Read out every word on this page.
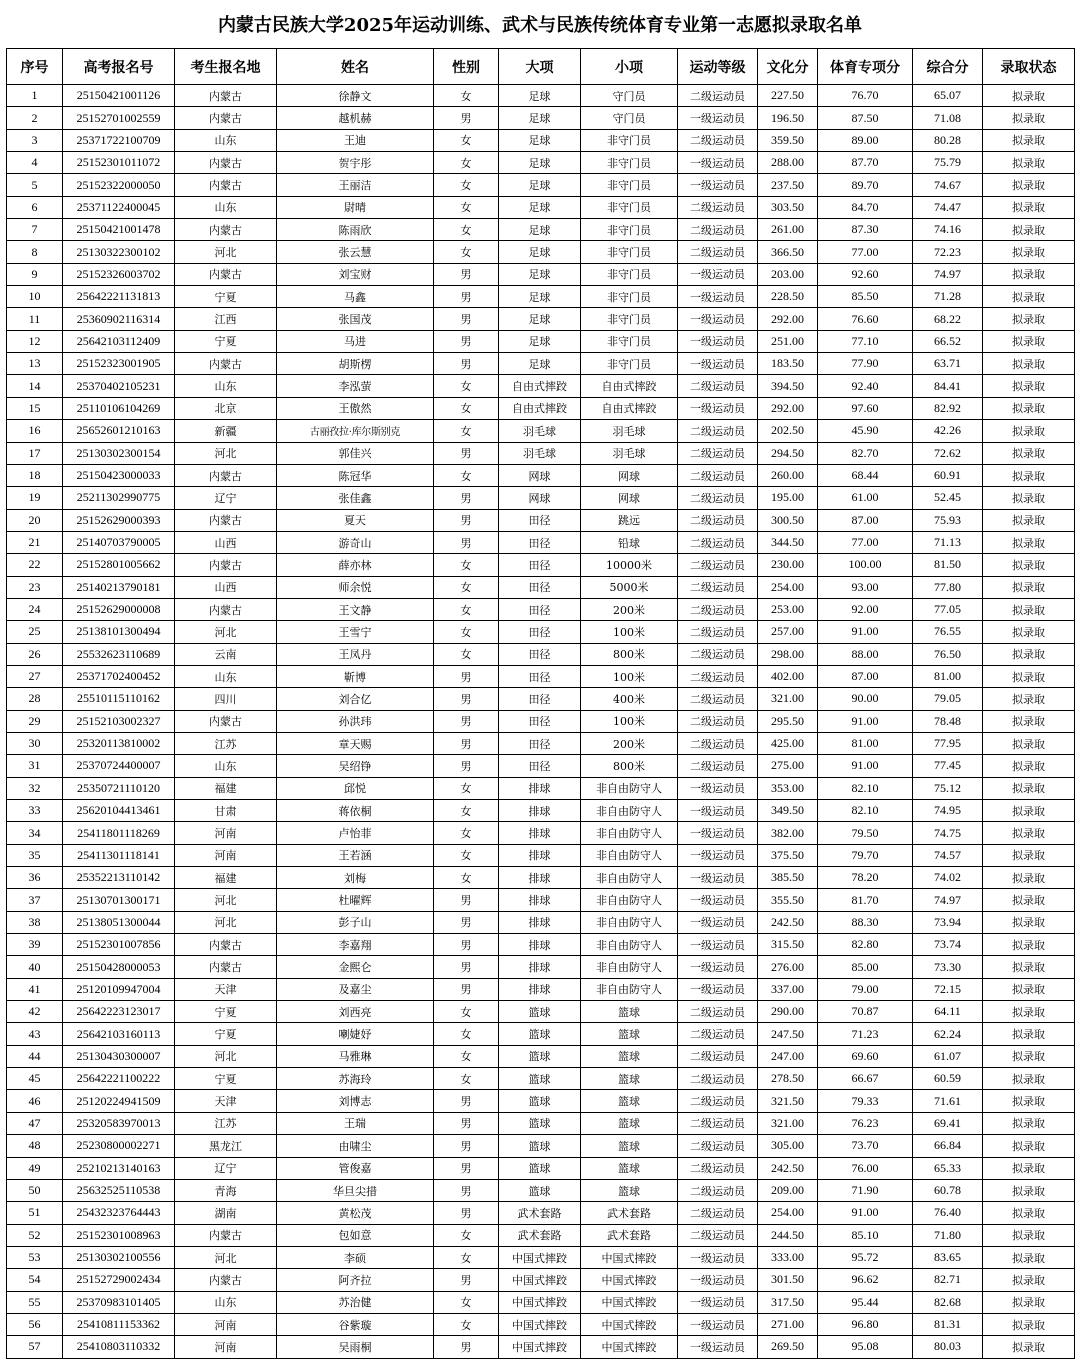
内蒙古民族大学2025年运动训练、武术与民族传统体育专业第一志愿拟录取名单
序号	高考报名号	考生报名地	姓名	性别	大项	小项	运动等级	文化分	体育专项分	综合分	录取状态
1	25150421001126	内蒙古	徐静文	女	足球	守门员	二级运动员	227.50	76.70	65.07	拟录取
2	25152701002559	内蒙古	越机赫	男	足球	守门员	一级运动员	196.50	87.50	71.08	拟录取
3	25371722100709	山东	王迪	女	足球	非守门员	二级运动员	359.50	89.00	80.28	拟录取
4	25152301011072	内蒙古	贺宇彤	女	足球	非守门员	一级运动员	288.00	87.70	75.79	拟录取
5	25152322000050	内蒙古	王丽洁	女	足球	非守门员	一级运动员	237.50	89.70	74.67	拟录取
6	25371122400045	山东	尉晴	女	足球	非守门员	二级运动员	303.50	84.70	74.47	拟录取
7	25150421001478	内蒙古	陈雨欣	女	足球	非守门员	二级运动员	261.00	87.30	74.16	拟录取
8	25130322300102	河北	张云慧	女	足球	非守门员	二级运动员	366.50	77.00	72.23	拟录取
9	25152326003702	内蒙古	刘宝财	男	足球	非守门员	一级运动员	203.00	92.60	74.97	拟录取
10	25642221131813	宁夏	马鑫	男	足球	非守门员	一级运动员	228.50	85.50	71.28	拟录取
11	25360902116314	江西	张国茂	男	足球	非守门员	一级运动员	292.00	76.60	68.22	拟录取
12	25642103112409	宁夏	马进	男	足球	非守门员	一级运动员	251.00	77.10	66.52	拟录取
13	25152323001905	内蒙古	胡斯楞	男	足球	非守门员	一级运动员	183.50	77.90	63.71	拟录取
14	25370402105231	山东	李泓萤	女	自由式摔跤	自由式摔跤	二级运动员	394.50	92.40	84.41	拟录取
15	25110106104269	北京	王傲然	女	自由式摔跤	自由式摔跤	一级运动员	292.00	97.60	82.92	拟录取
16	25652601210163	新疆	古丽孜拉·库尔斯别克	女	羽毛球	羽毛球	二级运动员	202.50	45.90	42.26	拟录取
17	25130302300154	河北	郭佳兴	男	羽毛球	羽毛球	二级运动员	294.50	82.70	72.62	拟录取
18	25150423000033	内蒙古	陈冠华	女	网球	网球	二级运动员	260.00	68.44	60.91	拟录取
19	25211302990775	辽宁	张佳鑫	男	网球	网球	二级运动员	195.00	61.00	52.45	拟录取
20	25152629000393	内蒙古	夏天	男	田径	跳远	二级运动员	300.50	87.00	75.93	拟录取
21	25140703790005	山西	游奇山	男	田径	铅球	二级运动员	344.50	77.00	71.13	拟录取
22	25152801005662	内蒙古	薛亦林	女	田径	10000米	二级运动员	230.00	100.00	81.50	拟录取
23	25140213790181	山西	师余悦	女	田径	5000米	二级运动员	254.00	93.00	77.80	拟录取
24	25152629000008	内蒙古	王文静	女	田径	200米	二级运动员	253.00	92.00	77.05	拟录取
25	25138101300494	河北	王雪宁	女	田径	100米	二级运动员	257.00	91.00	76.55	拟录取
26	25532623110689	云南	王凤丹	女	田径	800米	二级运动员	298.00	88.00	76.50	拟录取
27	25371702400452	山东	靳博	男	田径	100米	二级运动员	402.00	87.00	81.00	拟录取
28	25510115110162	四川	刘合亿	男	田径	400米	二级运动员	321.00	90.00	79.05	拟录取
29	25152103002327	内蒙古	孙洪玮	男	田径	100米	二级运动员	295.50	91.00	78.48	拟录取
30	25320113810002	江苏	章天赐	男	田径	200米	二级运动员	425.00	81.00	77.95	拟录取
31	25370724400007	山东	吴绍铮	男	田径	800米	二级运动员	275.00	91.00	77.45	拟录取
32	25350721110120	福建	邱悦	女	排球	非自由防守人	一级运动员	353.00	82.10	75.12	拟录取
33	25620104413461	甘肃	蒋依桐	女	排球	非自由防守人	一级运动员	349.50	82.10	74.95	拟录取
34	25411801118269	河南	卢怡菲	女	排球	非自由防守人	一级运动员	382.00	79.50	74.75	拟录取
35	25411301118141	河南	王若涵	女	排球	非自由防守人	一级运动员	375.50	79.70	74.57	拟录取
36	25352213110142	福建	刘梅	女	排球	非自由防守人	一级运动员	385.50	78.20	74.02	拟录取
37	25130701300171	河北	杜曜辉	男	排球	非自由防守人	一级运动员	355.50	81.70	74.97	拟录取
38	25138051300044	河北	彭子山	男	排球	非自由防守人	一级运动员	242.50	88.30	73.94	拟录取
39	25152301007856	内蒙古	李嘉翔	男	排球	非自由防守人	一级运动员	315.50	82.80	73.74	拟录取
40	25150428000053	内蒙古	金熙仑	男	排球	非自由防守人	一级运动员	276.00	85.00	73.30	拟录取
41	25120109947004	天津	及嘉尘	男	排球	非自由防守人	一级运动员	337.00	79.00	72.15	拟录取
42	25642223123017	宁夏	刘西亮	女	篮球	篮球	二级运动员	290.00	70.87	64.11	拟录取
43	25642103160113	宁夏	喇婕妤	女	篮球	篮球	二级运动员	247.50	71.23	62.24	拟录取
44	25130430300007	河北	马雅琳	女	篮球	篮球	二级运动员	247.00	69.60	61.07	拟录取
45	25642221100222	宁夏	苏海玲	女	篮球	篮球	二级运动员	278.50	66.67	60.59	拟录取
46	25120224941509	天津	刘博志	男	篮球	篮球	二级运动员	321.50	79.33	71.61	拟录取
47	25320583970013	江苏	王瑞	男	篮球	篮球	二级运动员	321.00	76.23	69.41	拟录取
48	25230800002271	黑龙江	由啸尘	男	篮球	篮球	二级运动员	305.00	73.70	66.84	拟录取
49	25210213140163	辽宁	管俊嘉	男	篮球	篮球	二级运动员	242.50	76.00	65.33	拟录取
50	25632525110538	青海	华旦尖措	男	篮球	篮球	二级运动员	209.00	71.90	60.78	拟录取
51	25432323764443	湖南	黄松茂	男	武术套路	武术套路	二级运动员	254.00	91.00	76.40	拟录取
52	25152301008963	内蒙古	包如意	女	武术套路	武术套路	二级运动员	244.50	85.10	71.80	拟录取
53	25130302100556	河北	李硕	女	中国式摔跤	中国式摔跤	一级运动员	333.00	95.72	83.65	拟录取
54	25152729002434	内蒙古	阿齐拉	男	中国式摔跤	中国式摔跤	一级运动员	301.50	96.62	82.71	拟录取
55	25370983101405	山东	苏治健	女	中国式摔跤	中国式摔跤	一级运动员	317.50	95.44	82.68	拟录取
56	25410811153362	河南	谷紫璇	女	中国式摔跤	中国式摔跤	一级运动员	271.00	96.80	81.31	拟录取
57	25410803110332	河南	吴雨桐	男	中国式摔跤	中国式摔跤	一级运动员	269.50	95.08	80.03	拟录取
